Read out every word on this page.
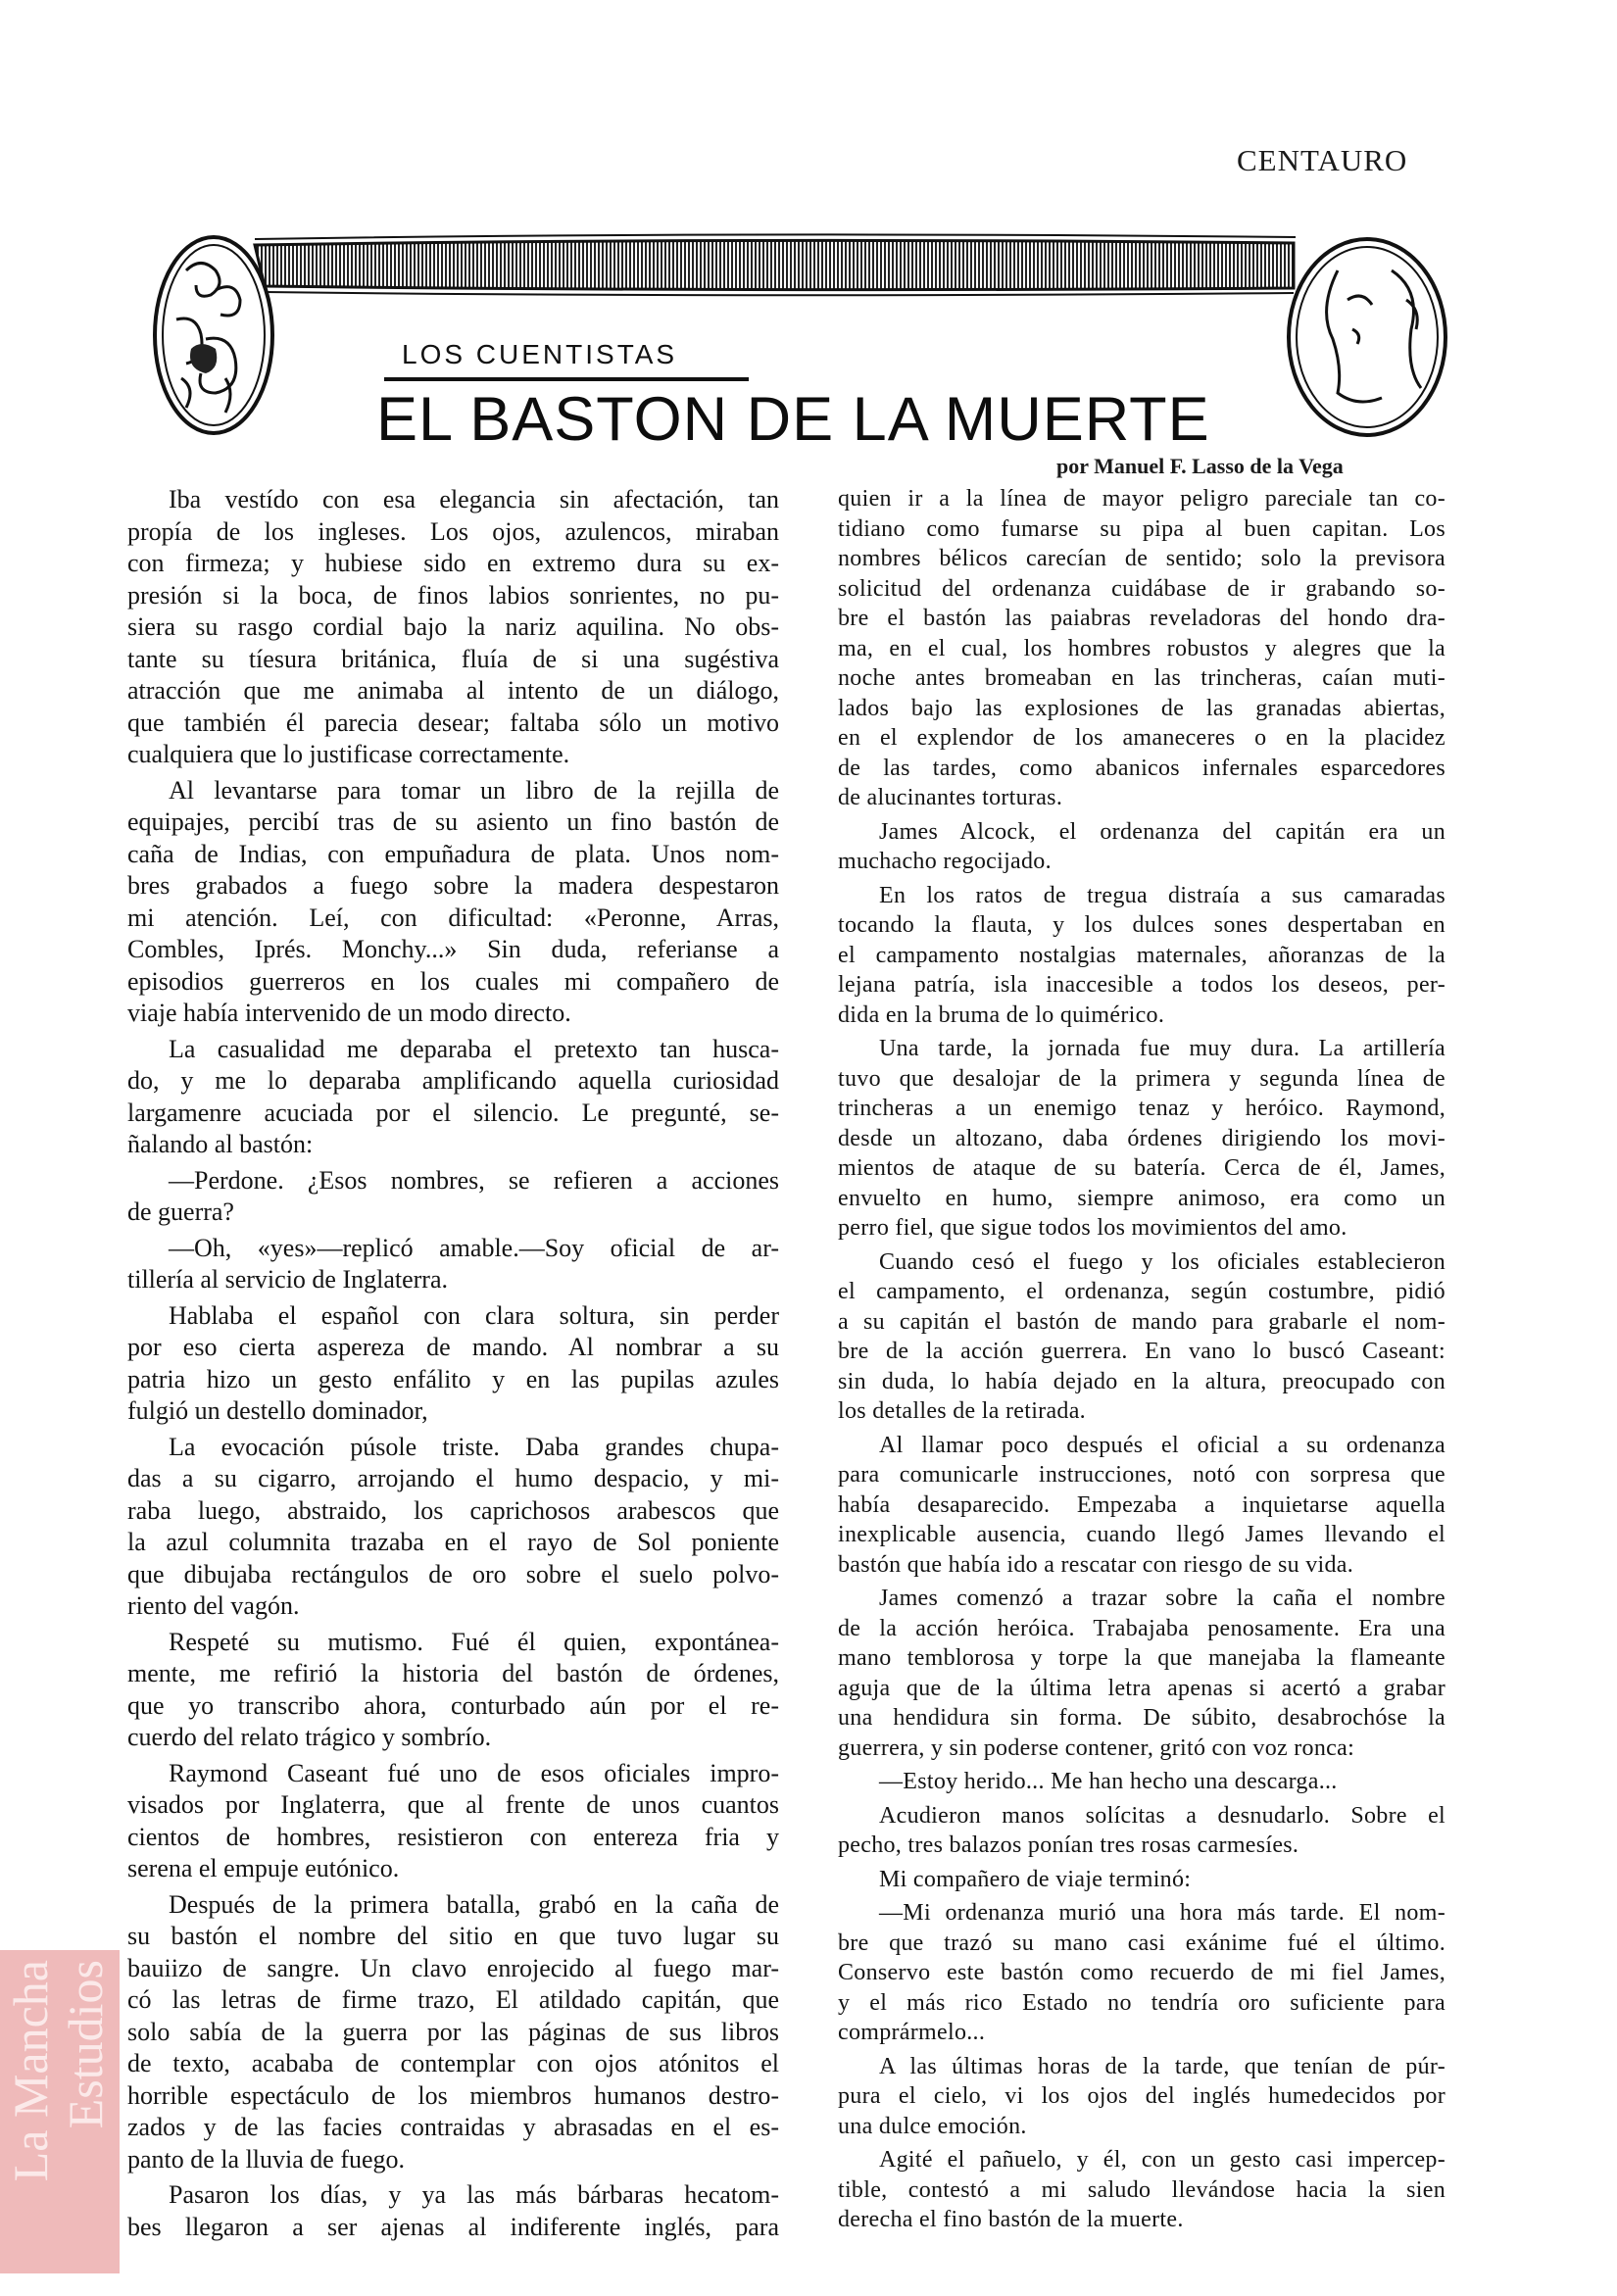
CENTAURO
LOS CUENTISTAS
EL BASTON DE LA MUERTE
por Manuel F. Lasso de la Vega
Estudios
La Mancha
Iba vestído con esa elegancia sin afectación, tan
propía de los ingleses. Los ojos, azulencos, miraban
con firmeza; y hubiese sido en extremo dura su ex-
presión si la boca, de finos labios sonrientes, no pu-
siera su rasgo cordial bajo la nariz aquilina. No obs-
tante su tíesura británica, fluía de si una sugéstiva
atracción que me animaba al intento de un diálogo,
que también él parecia desear; faltaba sólo un motivo
cualquiera que lo justificase correctamente.
Al levantarse para tomar un libro de la rejilla de
equipajes, percibí tras de su asiento un fino bastón de
caña de Indias, con empuñadura de plata. Unos nom-
bres grabados a fuego sobre la madera despestaron
mi atención. Leí, con dificultad: «Peronne, Arras,
Combles, Iprés. Monchy...» Sin duda, referianse a
episodios guerreros en los cuales mi compañero de
viaje había intervenido de un modo directo.
La casualidad me deparaba el pretexto tan husca-
do, y me lo deparaba amplificando aquella curiosidad
largamenre acuciada por el silencio. Le pregunté, se-
ñalando al bastón:
—Perdone. ¿Esos nombres, se refieren a acciones
de guerra?
—Oh, «yes»—replicó amable.—Soy oficial de ar-
tillería al servicio de Inglaterra.
Hablaba el español con clara soltura, sin perder
por eso cierta aspereza de mando. Al nombrar a su
patria hizo un gesto enfálito y en las pupilas azules
fulgió un destello dominador,
La evocación púsole triste. Daba grandes chupa-
das a su cigarro, arrojando el humo despacio, y mi-
raba luego, abstraido, los caprichosos arabescos que
la azul columnita trazaba en el rayo de Sol poniente
que dibujaba rectángulos de oro sobre el suelo polvo-
riento del vagón.
Respeté su mutismo. Fué él quien, expontánea-
mente, me refirió la historia del bastón de órdenes,
que yo transcribo ahora, conturbado aún por el re-
cuerdo del relato trágico y sombrío.
Raymond Caseant fué uno de esos oficiales impro-
visados por Inglaterra, que al frente de unos cuantos
cientos de hombres, resistieron con entereza fria y
serena el empuje eutónico.
Después de la primera batalla, grabó en la caña de
su bastón el nombre del sitio en que tuvo lugar su
bauiizo de sangre. Un clavo enrojecido al fuego mar-
có las letras de firme trazo, El atildado capitán, que
solo sabía de la guerra por las páginas de sus libros
de texto, acababa de contemplar con ojos atónitos el
horrible espectáculo de los miembros humanos destro-
zados y de las facies contraidas y abrasadas en el es-
panto de la lluvia de fuego.
Pasaron los días, y ya las más bárbaras hecatom-
bes llegaron a ser ajenas al indiferente inglés, para
quien ir a la línea de mayor peligro pareciale tan co-
tidiano como fumarse su pipa al buen capitan. Los
nombres bélicos carecían de sentido; solo la previsora
solicitud del ordenanza cuidábase de ir grabando so-
bre el bastón las paiabras reveladoras del hondo dra-
ma, en el cual, los hombres robustos y alegres que la
noche antes bromeaban en las trincheras, caían muti-
lados bajo las explosiones de las granadas abiertas,
en el explendor de los amaneceres o en la placidez
de las tardes, como abanicos infernales esparcedores
de alucinantes torturas.
James Alcock, el ordenanza del capitán era un
muchacho regocijado.
En los ratos de tregua distraía a sus camaradas
tocando la flauta, y los dulces sones despertaban en
el campamento nostalgias maternales, añoranzas de la
lejana patría, isla inaccesible a todos los deseos, per-
dida en la bruma de lo quimérico.
Una tarde, la jornada fue muy dura. La artillería
tuvo que desalojar de la primera y segunda línea de
trincheras a un enemigo tenaz y heróico. Raymond,
desde un altozano, daba órdenes dirigiendo los movi-
mientos de ataque de su batería. Cerca de él, James,
envuelto en humo, siempre animoso, era como un
perro fiel, que sigue todos los movimientos del amo.
Cuando cesó el fuego y los oficiales establecieron
el campamento, el ordenanza, según costumbre, pidió
a su capitán el bastón de mando para grabarle el nom-
bre de la acción guerrera. En vano lo buscó Caseant:
sin duda, lo había dejado en la altura, preocupado con
los detalles de la retirada.
Al llamar poco después el oficial a su ordenanza
para comunicarle instrucciones, notó con sorpresa que
había desaparecido. Empezaba a inquietarse aquella
inexplicable ausencia, cuando llegó James llevando el
bastón que había ido a rescatar con riesgo de su vida.
James comenzó a trazar sobre la caña el nombre
de la acción heróica. Trabajaba penosamente. Era una
mano temblorosa y torpe la que manejaba la flameante
aguja que de la última letra apenas si acertó a grabar
una hendidura sin forma. De súbito, desabrochóse la
guerrera, y sin poderse contener, gritó con voz ronca:
—Estoy herido... Me han hecho una descarga...
Acudieron manos solícitas a desnudarlo. Sobre el
pecho, tres balazos ponían tres rosas carmesíes.
Mi compañero de viaje terminó:
—Mi ordenanza murió una hora más tarde. El nom-
bre que trazó su mano casi exánime fué el último.
Conservo este bastón como recuerdo de mi fiel James,
y el más rico Estado no tendría oro suficiente para
comprármelo...
A las últimas horas de la tarde, que tenían de púr-
pura el cielo, vi los ojos del inglés humedecidos por
una dulce emoción.
Agité el pañuelo, y él, con un gesto casi impercep-
tible, contestó a mi saludo llevándose hacia la sien
derecha el fino bastón de la muerte.
